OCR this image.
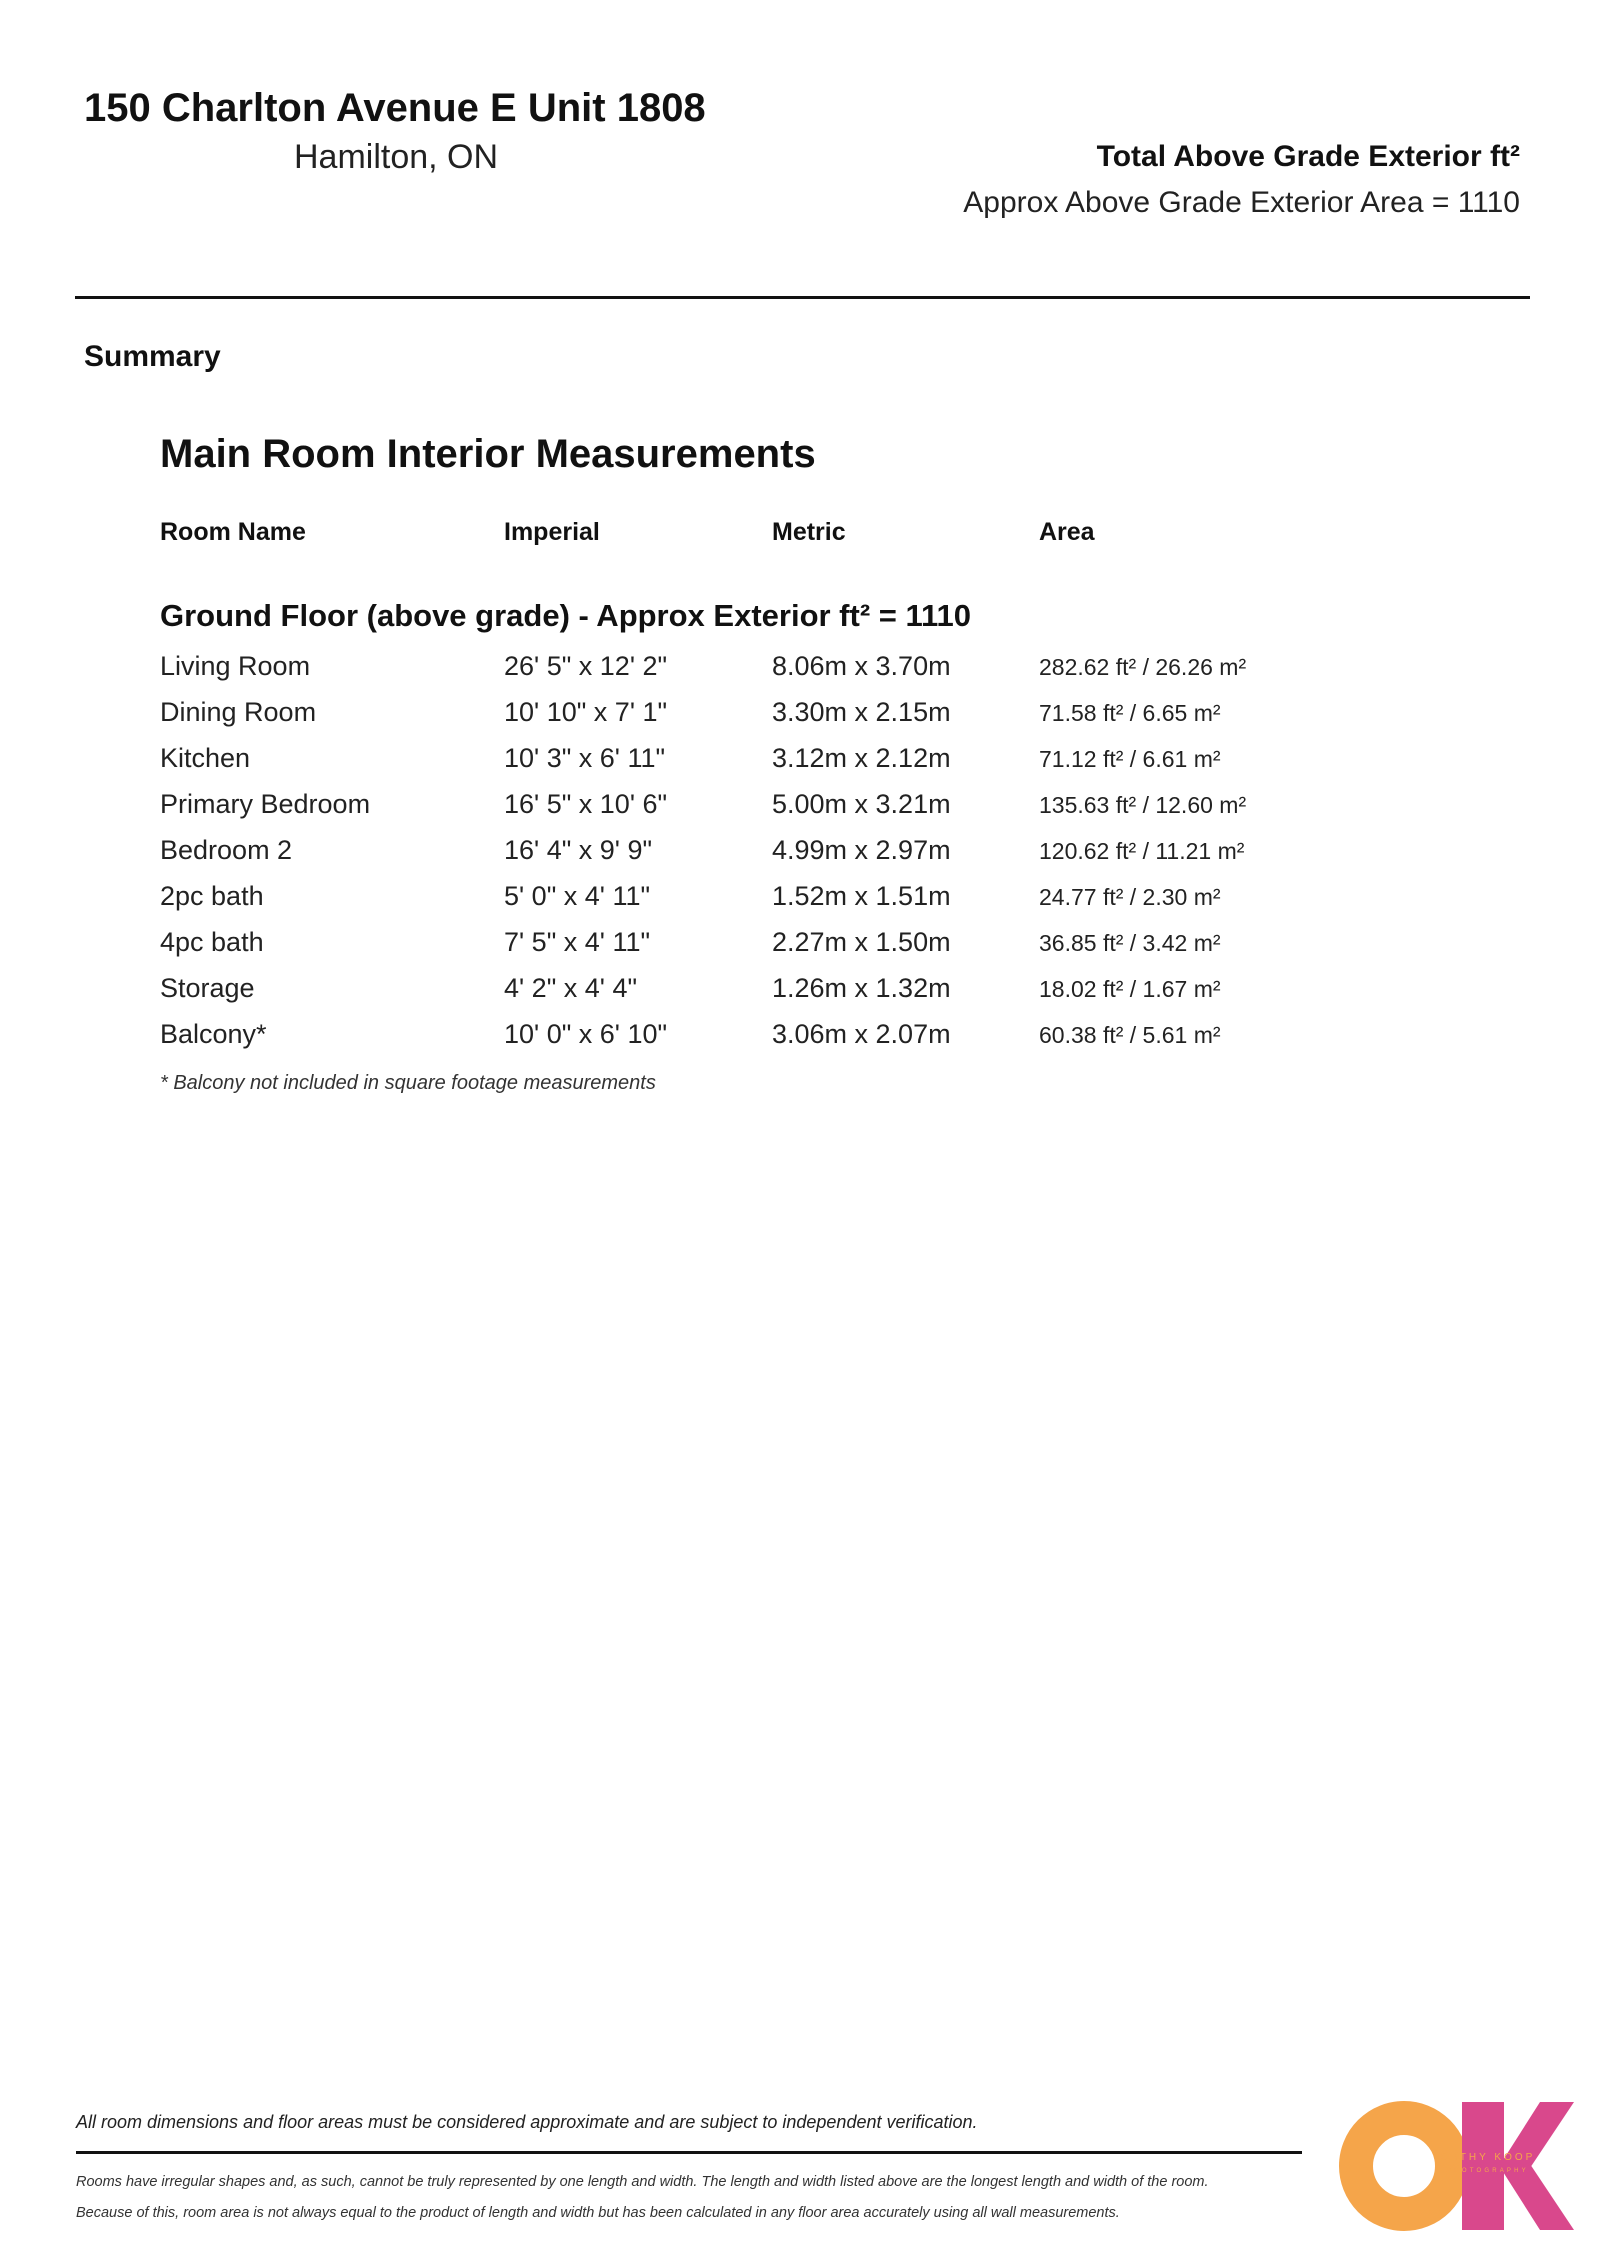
150 Charlton Avenue E Unit 1808
Hamilton, ON	Total Above Grade Exterior ft²
Approx Above Grade Exterior Area = 1110
Summary
Main Room Interior Measurements
Room Name	Imperial	Metric	Area
Ground Floor (above grade) - Approx Exterior ft² = 1110
Living Room	26' 5" x 12' 2"	8.06m x 3.70m	282.62 ft² / 26.26 m²
Dining Room	10' 10" x 7' 1"	3.30m x 2.15m	71.58 ft² / 6.65 m²
Kitchen	10' 3" x 6' 11"	3.12m x 2.12m	71.12 ft² / 6.61 m²
Primary Bedroom	16' 5" x 10' 6"	5.00m x 3.21m	135.63 ft² / 12.60 m²
Bedroom 2	16' 4" x 9' 9"	4.99m x 2.97m	120.62 ft² / 11.21 m²
2pc bath	5' 0" x 4' 11"	1.52m x 1.51m	24.77 ft² / 2.30 m²
4pc bath	7' 5" x 4' 11"	2.27m x 1.50m	36.85 ft² / 3.42 m²
Storage	4' 2" x 4' 4"	1.26m x 1.32m	18.02 ft² / 1.67 m²
Balcony*	10' 0" x 6' 10"	3.06m x 2.07m	60.38 ft² / 5.61 m²
* Balcony not included in square footage measurements
All room dimensions and floor areas must be considered approximate and are subject to independent verification.
Rooms have irregular shapes and, as such, cannot be truly represented by one length and width. The length and width listed above are the longest length and width of the room.
Because of this, room area is not always equal to the product of length and width but has been calculated in any floor area accurately using all wall measurements.
CATHY KOOP
PHOTOGRAPHY
